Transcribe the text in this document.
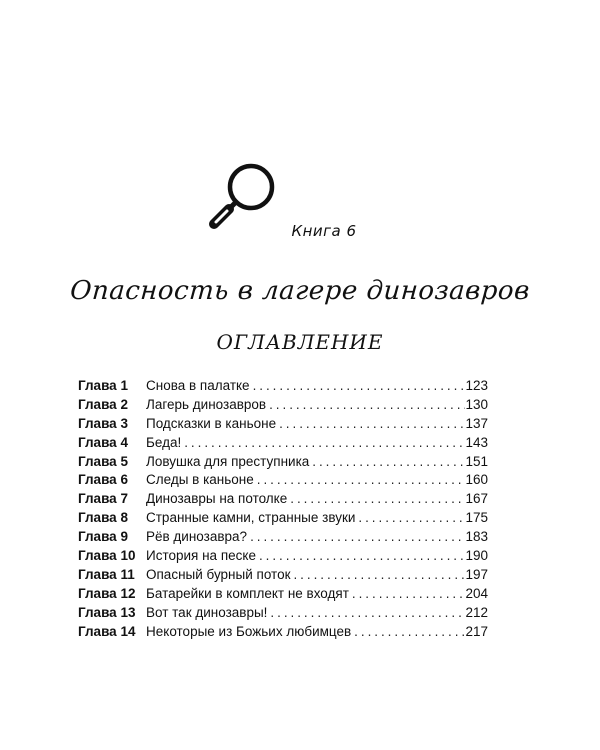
Книга 6
Опасность в лагере динозавров
ОГЛАВЛЕНИЕ
Глава 1	Снова в палатке . . .	123
Глава 2	Лагерь динозавров . . .	130
Глава 3	Подсказки в каньоне . . .	137
Глава 4	Беда! . . .	143
Глава 5	Ловушка для преступника . . .	151
Глава 6	Следы в каньоне . . .	160
Глава 7	Динозавры на потолке . . .	167
Глава 8	Странные камни, странные звуки . . .	175
Глава 9	Рёв динозавра? . . .	183
Глава 10 История на песке . . .	190
Глава 11 Опасный бурный поток . . .	197
Глава 12 Батарейки в комплект не входят . . .	204
Глава 13 Вот так динозавры! . . .	212
Глава 14 Некоторые из Божьих любимцев . . .	217
